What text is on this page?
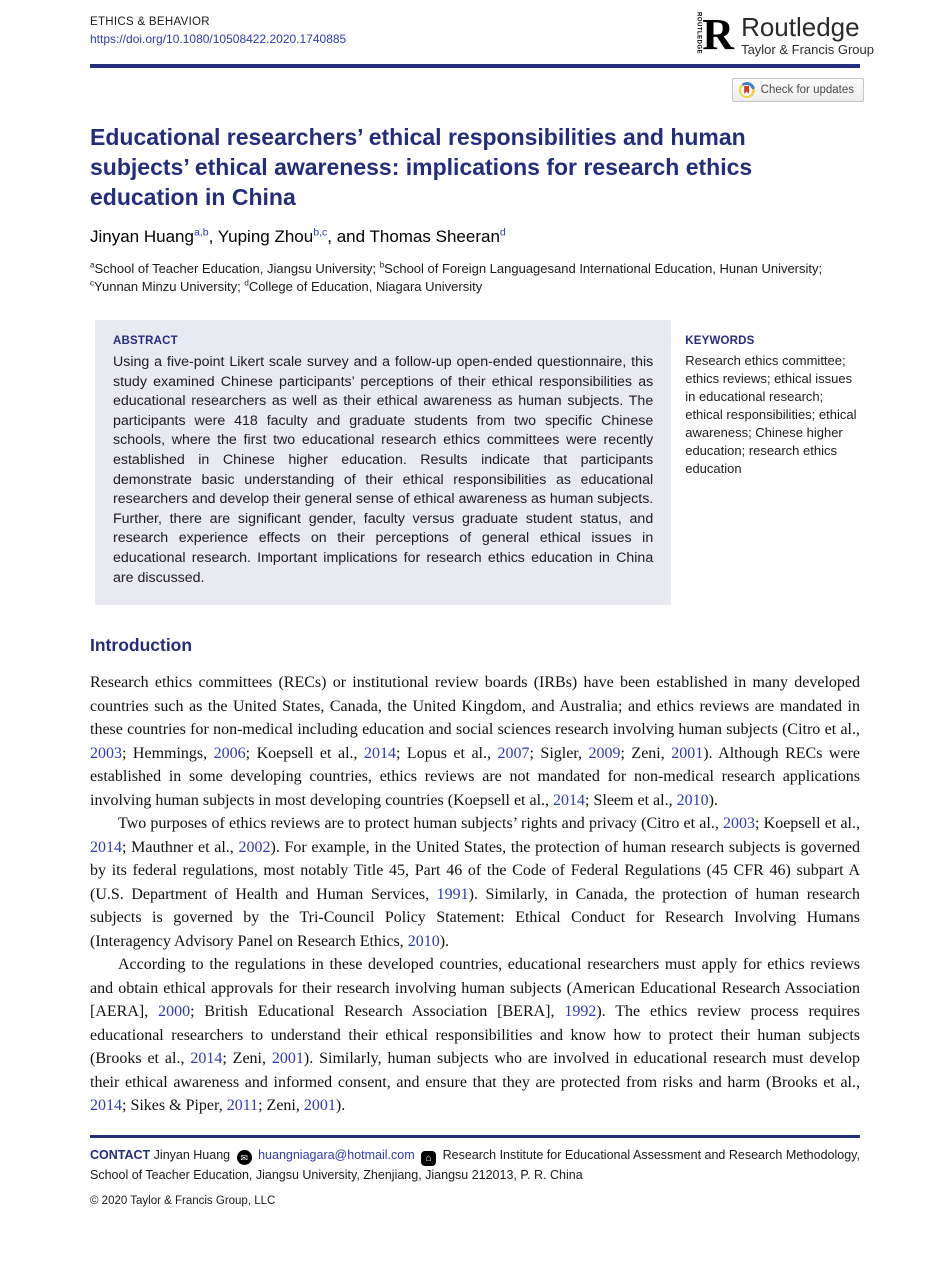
ETHICS & BEHAVIOR
https://doi.org/10.1080/10508422.2020.1740885	ROUTLEDGE R Routledge
Taylor & Francis Group
Check for updates
Educational researchers’ ethical responsibilities and human subjects’ ethical awareness: implications for research ethics education in China
Jinyan Huang$^{a,b}$, Yuping Zhou$^{b,c}$, and Thomas Sheeran$^d$
$^a$School of Teacher Education, Jiangsu University; $^b$School of Foreign Languagesand International Education, Hunan University; $^c$Yunnan Minzu University; $^d$College of Education, Niagara University
ABSTRACT

Using a five-point Likert scale survey and a follow-up open-ended questionnaire, this study examined Chinese participants’ perceptions of their ethical responsibilities as educational researchers as well as their ethical awareness as human subjects. The participants were 418 faculty and graduate students from two specific Chinese schools, where the first two educational research ethics committees were recently established in Chinese higher education. Results indicate that participants demonstrate basic understanding of their ethical responsibilities as educational researchers and develop their general sense of ethical awareness as human subjects. Further, there are significant gender, faculty versus graduate student status, and research experience effects on their perceptions of general ethical issues in educational research. Important implications for research ethics education in China are discussed.

KEYWORDS
Research ethics committee; ethics reviews; ethical issues in educational research; ethical responsibilities; ethical awareness; Chinese higher education; research ethics education
Introduction

Research ethics committees (RECs) or institutional review boards (IRBs) have been established in many developed countries such as the United States, Canada, the United Kingdom, and Australia; and ethics reviews are mandated in these countries for non-medical including education and social sciences research involving human subjects (Citro et al., 2003; Hemmings, 2006; Koepsell et al., 2014; Lopus et al., 2007; Sigler, 2009; Zeni, 2001). Although RECs were established in some developing countries, ethics reviews are not mandated for non-medical research applications involving human subjects in most developing countries (Koepsell et al., 2014; Sleem et al., 2010).

Two purposes of ethics reviews are to protect human subjects’ rights and privacy (Citro et al., 2003; Koepsell et al., 2014; Mauthner et al., 2002). For example, in the United States, the protection of human research subjects is governed by its federal regulations, most notably Title 45, Part 46 of the Code of Federal Regulations (45 CFR 46) subpart A (U.S. Department of Health and Human Services, 1991). Similarly, in Canada, the protection of human research subjects is governed by the Tri-Council Policy Statement: Ethical Conduct for Research Involving Humans (Interagency Advisory Panel on Research Ethics, 2010).

According to the regulations in these developed countries, educational researchers must apply for ethics reviews and obtain ethical approvals for their research involving human subjects (American Educational Research Association [AERA], 2000; British Educational Research Association [BERA], 1992). The ethics review process requires educational researchers to understand their ethical responsibilities and know how to protect their human subjects (Brooks et al., 2014; Zeni, 2001). Similarly, human subjects who are involved in educational research must develop their ethical awareness and informed consent, and ensure that they are protected from risks and harm (Brooks et al., 2014; Sikes & Piper, 2011; Zeni, 2001).

CONTACT Jinyan Huang ✉ huangniagara@hotmail.com ⌂ Research Institute for Educational Assessment and Research Methodology, School of Teacher Education, Jiangsu University, Zhenjiang, Jiangsu 212013, P. R. China

© 2020 Taylor & Francis Group, LLC
